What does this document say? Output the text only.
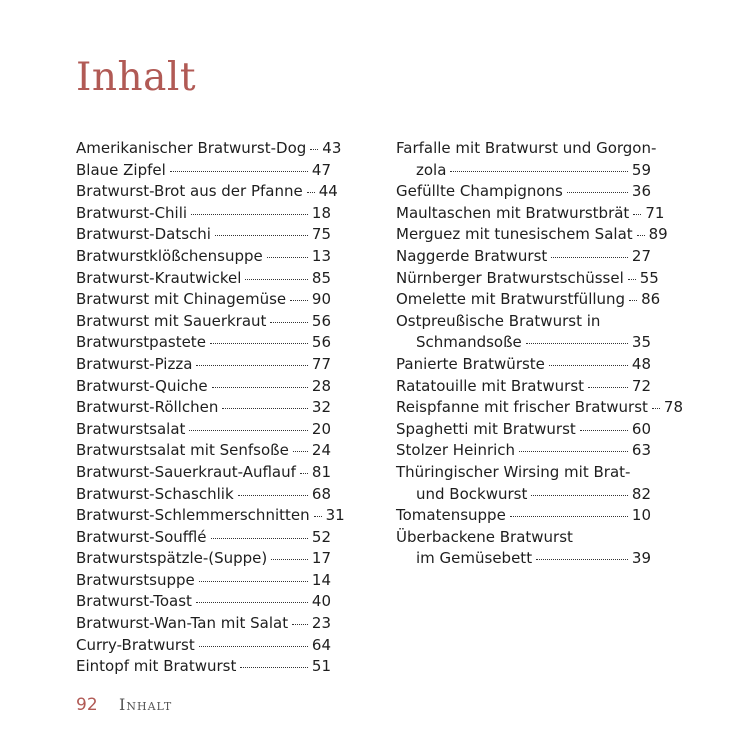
Inhalt
Amerikanischer Bratwurst-Dog 43
Blaue Zipfel	47
Bratwurst-Brot aus der Pfanne 44
Bratwurst-Chili	18
Bratwurst-Datschi	75
Bratwurstklößchensuppe	13
Bratwurst-Krautwickel	85
Bratwurst mit Chinagemüse 90
Bratwurst mit Sauerkraut	56
Bratwurstpastete	56
Bratwurst-Pizza	77
Bratwurst-Quiche	28
Bratwurst-Röllchen	32
Bratwurstsalat	20
Bratwurstsalat mit Senfsoße 24
Bratwurst-Sauerkraut-Auflauf 81
Bratwurst-Schaschlik	68
Bratwurst-Schlemmerschnitten 31
Bratwurst-Soufflé	52
Bratwurstspätzle-(Suppe)	17
Bratwurstsuppe	14
Bratwurst-Toast	40
Bratwurst-Wan-Tan mit Salat 23
Curry-Bratwurst	64
Eintopf mit Bratwurst	51
Farfalle mit Bratwurst und Gorgon-
zola	59
Gefüllte Champignons	36
Maultaschen mit Bratwurstbrät 71
Merguez mit tunesischem Salat 89
Naggerde Bratwurst	27
Nürnberger Bratwurstschüssel 55
Omelette mit Bratwurstfüllung 86
Ostpreußische Bratwurst in
Schmandsoße	35
Panierte Bratwürste	48
Ratatouille mit Bratwurst	72
Reispfanne mit frischer Bratwurst 78
Spaghetti mit Bratwurst	60
Stolzer Heinrich	63
Thüringischer Wirsing mit Brat-
und Bockwurst	82
Tomatensuppe	10
Überbackene Bratwurst
im Gemüsebett	39
92 Inhalt
